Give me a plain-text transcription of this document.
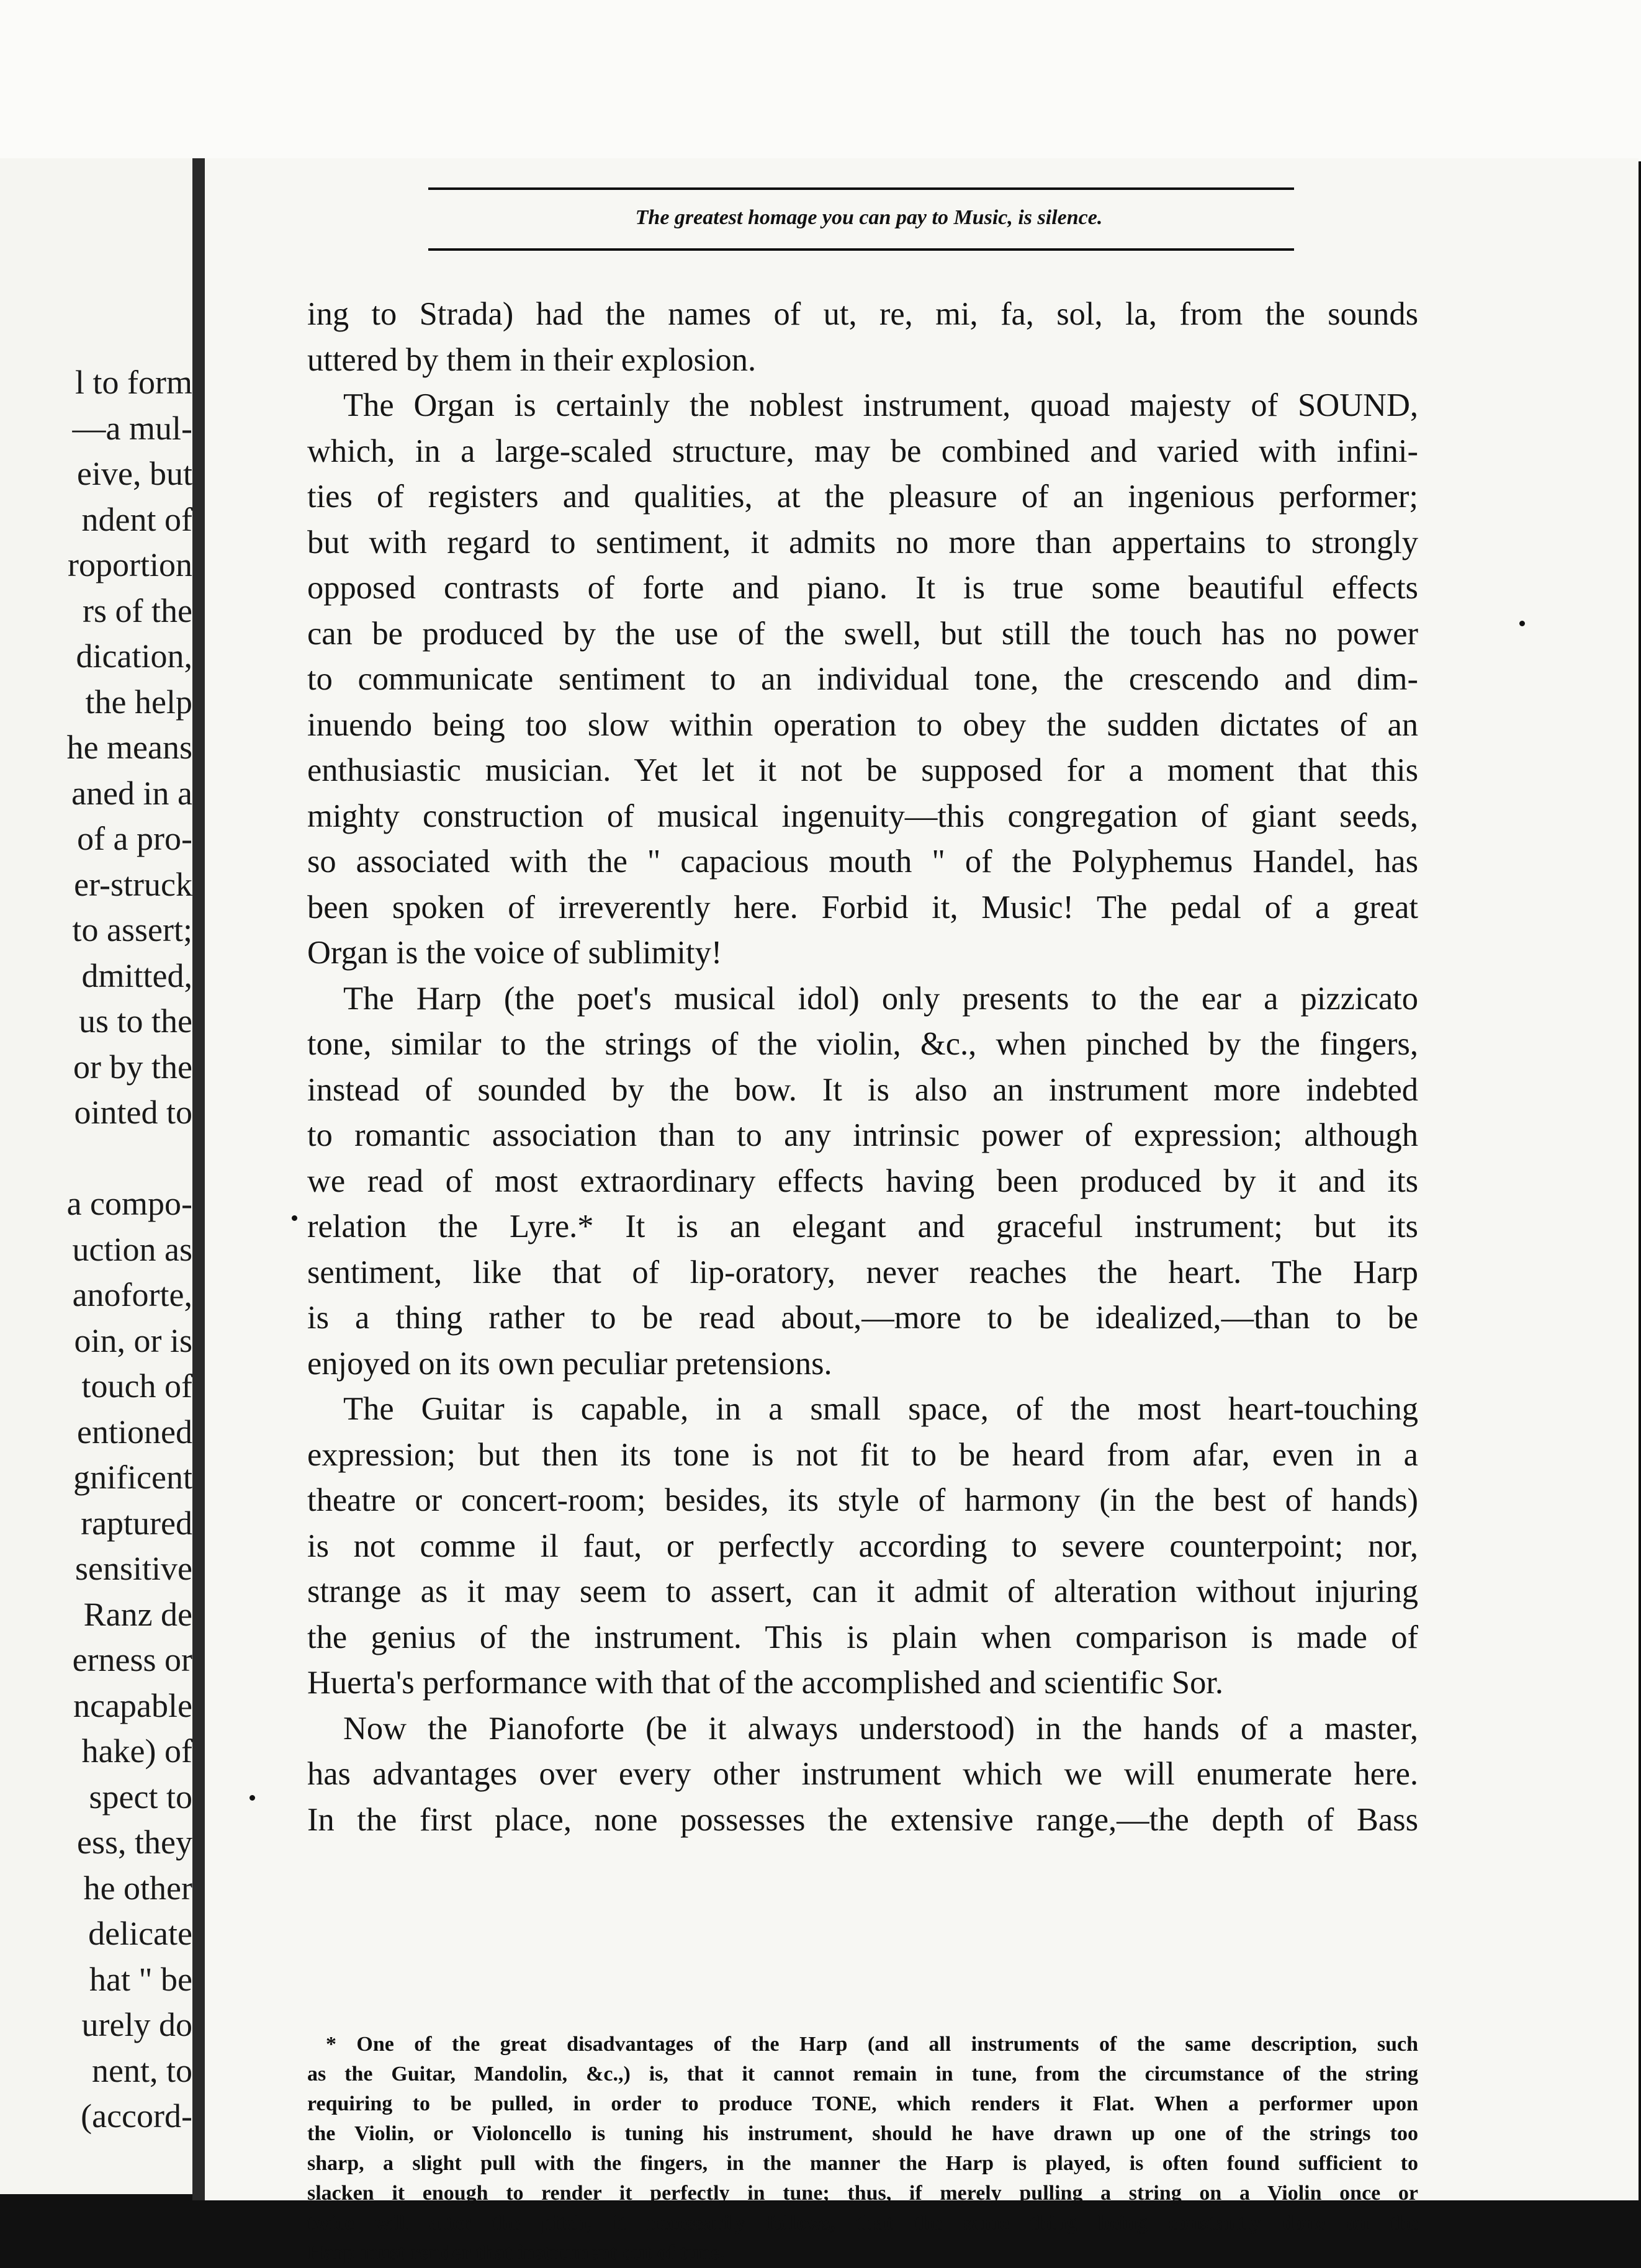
l to form
—a mul-
eive, but
ndent of
roportion
rs of the
dication,
the help
he means
aned in a
of a pro-
er-struck
to assert;
dmitted,
us to the
or by the
ointed to
a compo-
uction as
anoforte,
oin, or is
touch of
entioned
gnificent
raptured
sensitive
Ranz de
erness or
ncapable
hake) of
spect to
ess, they
he other
delicate
hat " be
urely do
nent, to
(accord-
The greatest homage you can pay to Music, is silence.
ing to Strada) had the names of ut, re, mi, fa, sol, la, from the sounds
uttered by them in their explosion.
The Organ is certainly the noblest instrument, quoad majesty of SOUND,
which, in a large-scaled structure, may be combined and varied with infini-
ties of registers and qualities, at the pleasure of an ingenious performer;
but with regard to sentiment, it admits no more than appertains to strongly
opposed contrasts of forte and piano. It is true some beautiful effects
can be produced by the use of the swell, but still the touch has no power
to communicate sentiment to an individual tone, the crescendo and dim-
inuendo being too slow within operation to obey the sudden dictates of an
enthusiastic musician. Yet let it not be supposed for a moment that this
mighty construction of musical ingenuity—this congregation of giant seeds,
so associated with the " capacious mouth " of the Polyphemus Handel, has
been spoken of irreverently here. Forbid it, Music! The pedal of a great
Organ is the voice of sublimity!
The Harp (the poet's musical idol) only presents to the ear a pizzicato
tone, similar to the strings of the violin, &c., when pinched by the fingers,
instead of sounded by the bow. It is also an instrument more indebted
to romantic association than to any intrinsic power of expression; although
we read of most extraordinary effects having been produced by it and its
relation the Lyre.* It is an elegant and graceful instrument; but its
sentiment, like that of lip-oratory, never reaches the heart. The Harp
is a thing rather to be read about,—more to be idealized,—than to be
enjoyed on its own peculiar pretensions.
The Guitar is capable, in a small space, of the most heart-touching
expression; but then its tone is not fit to be heard from afar, even in a
theatre or concert-room; besides, its style of harmony (in the best of hands)
is not comme il faut, or perfectly according to severe counterpoint; nor,
strange as it may seem to assert, can it admit of alteration without injuring
the genius of the instrument. This is plain when comparison is made of
Huerta's performance with that of the accomplished and scientific Sor.
Now the Pianoforte (be it always understood) in the hands of a master,
has advantages over every other instrument which we will enumerate here.
In the first place, none possesses the extensive range,—the depth of Bass
* One of the great disadvantages of the Harp (and all instruments of the same description, such
as the Guitar, Mandolin, &c.,) is, that it cannot remain in tune, from the circumstance of the string
requiring to be pulled, in order to produce TONE, which renders it Flat. When a performer upon
the Violin, or Violoncello is tuning his instrument, should he have drawn up one of the strings too
sharp, a slight pull with the fingers, in the manner the Harp is played, is often found sufficient to
slacken it enough to render it perfectly in tune; thus, if merely pulling a string on a Violin once or
twice will alter the pitch, it necessarily follows, that the same thing being constantly done on the
Harp must render that instrument out of tune.
